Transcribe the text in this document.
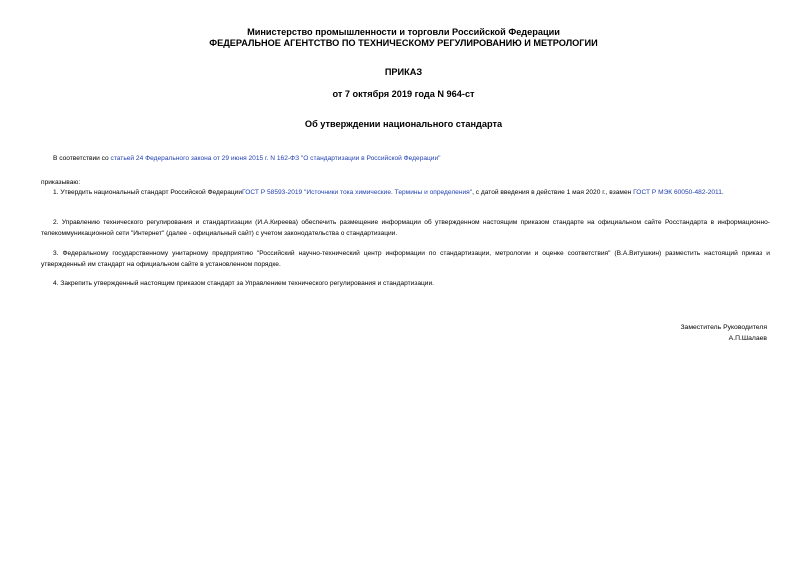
Министерство промышленности и торговли Российской Федерации
ФЕДЕРАЛЬНОЕ АГЕНТСТВО ПО ТЕХНИЧЕСКОМУ РЕГУЛИРОВАНИЮ И МЕТРОЛОГИИ
ПРИКАЗ
от 7 октября 2019 года N 964-ст
Об утверждении национального стандарта
В соответствии со статьей 24 Федерального закона от 29 июня 2015 г. N 162-ФЗ "О стандартизации в Российской Федерации"
приказываю:
1. Утвердить национальный стандарт Российской ФедерацииГОСТ Р 58593-2019 "Источники тока химические. Термины и определения", с датой введения в действие 1 мая 2020 г., взамен ГОСТ Р МЭК 60050-482-2011.
2. Управлению технического регулирования и стандартизации (И.А.Киреева) обеспечить размещение информации об утвержденном настоящим приказом стандарте на официальном сайте Росстандарта в информационно-телекоммуникационной сети "Интернет" (далее - официальный сайт) с учетом законодательства о стандартизации.
3. Федеральному государственному унитарному предприятию "Российский научно-технический центр информации по стандартизации, метрологии и оценке соответствия" (В.А.Витушкин) разместить настоящий приказ и утвержденный им стандарт на официальном сайте в установленном порядке.
4. Закрепить утвержденный настоящим приказом стандарт за Управлением технического регулирования и стандартизации.
Заместитель Руководителя
А.П.Шалаев
